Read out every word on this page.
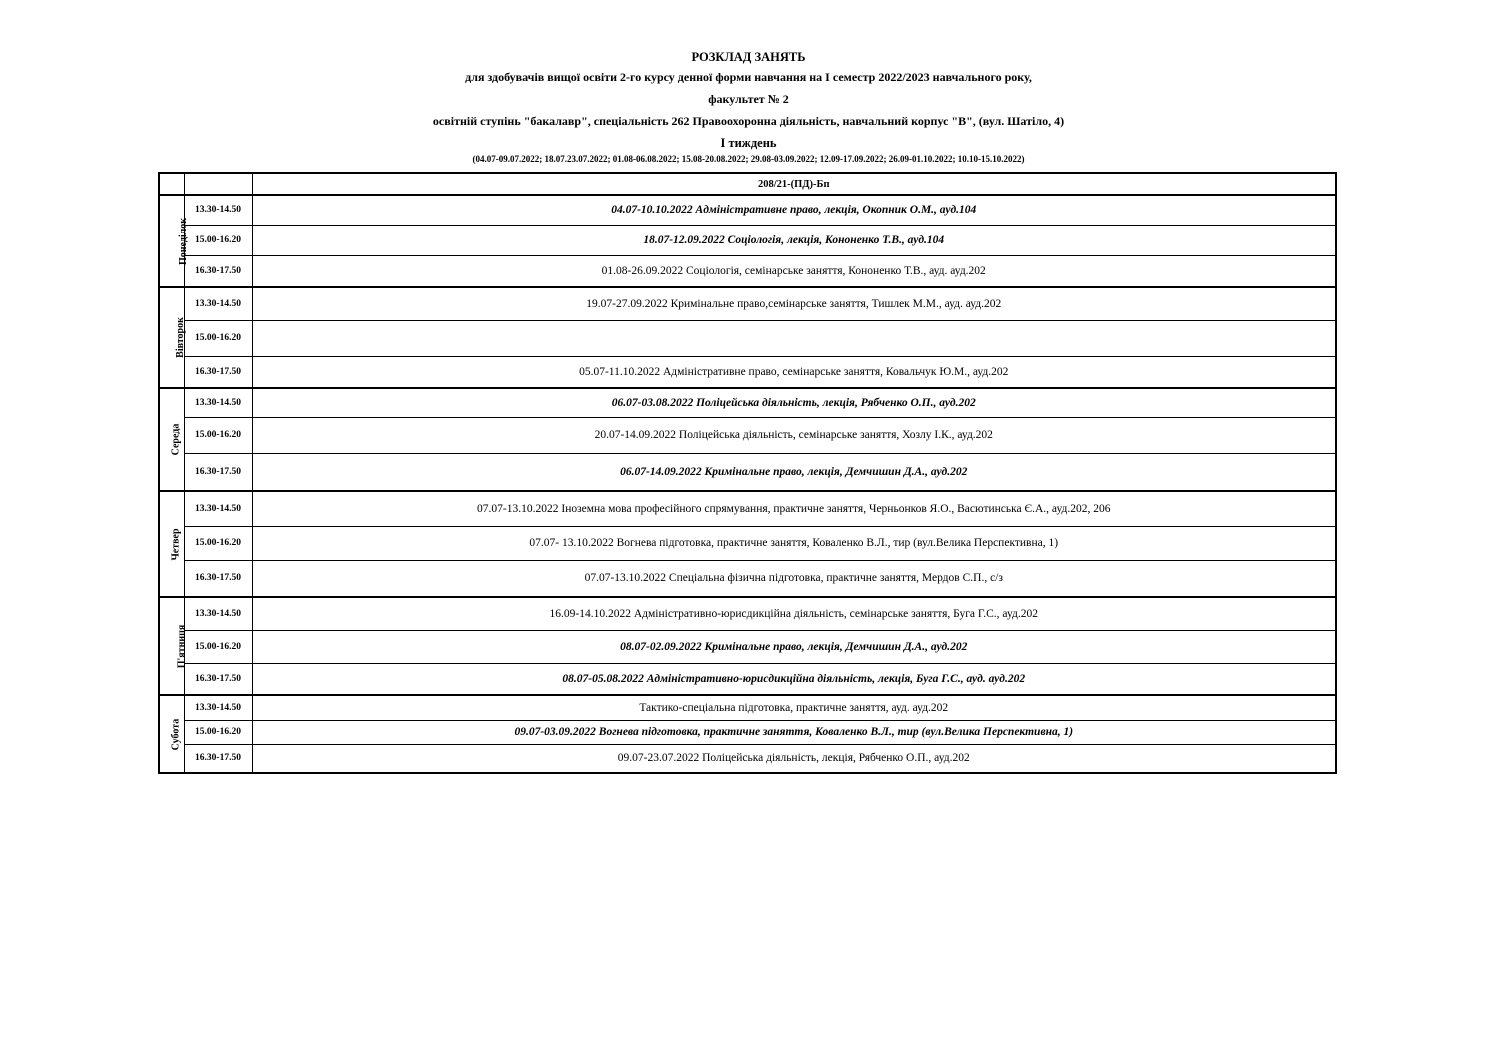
РОЗКЛАД ЗАНЯТЬ
для здобувачів вищої освіти 2-го курсу денної форми навчання на І семестр 2022/2023 навчального року,
факультет № 2
освітній ступінь "бакалавр", спеціальність 262 Правоохоронна діяльність, навчальний корпус "В", (вул. Шатіло, 4)
І тиждень
(04.07-09.07.2022; 18.07.23.07.2022; 01.08-06.08.2022; 15.08-20.08.2022; 29.08-03.09.2022; 12.09-17.09.2022; 26.09-01.10.2022; 10.10-15.10.2022)
		208/21-(ПД)-Бп
Понеділок	13.30-14.50	04.07-10.10.2022 Адміністративне право, лекція, Окопник О.М., ауд.104
	15.00-16.20	18.07-12.09.2022 Соціологія, лекція, Кононенко Т.В., ауд.104
	16.30-17.50	01.08-26.09.2022 Соціологія, семінарське заняття, Кононенко Т.В., ауд. ауд.202
Вівторок	13.30-14.50	19.07-27.09.2022 Кримінальне право,семінарське заняття, Тишлек М.М., ауд. ауд.202
	15.00-16.20	
	16.30-17.50	05.07-11.10.2022 Адміністративне право, семінарське заняття, Ковальчук Ю.М., ауд.202
Середа	13.30-14.50	06.07-03.08.2022 Поліцейська діяльність, лекція, Рябченко О.П., ауд.202
	15.00-16.20	20.07-14.09.2022 Поліцейська діяльність, семінарське заняття, Хозлу І.К., ауд.202
	16.30-17.50	06.07-14.09.2022 Кримінальне право, лекція, Демчишин Д.А., ауд.202
Четвер	13.30-14.50	07.07-13.10.2022 Іноземна мова професійного спрямування, практичне заняття, Черньонков Я.О., Васютинська Є.А., ауд.202, 206
	15.00-16.20	07.07- 13.10.2022 Вогнева підготовка, практичне заняття, Коваленко В.Л., тир (вул.Велика Перспективна, 1)
	16.30-17.50	07.07-13.10.2022 Спеціальна фізична підготовка, практичне заняття, Мердов С.П., с/з
П'ятниця	13.30-14.50	16.09-14.10.2022 Адміністративно-юрисдикційна діяльність, семінарське заняття, Буга Г.С., ауд.202
	15.00-16.20	08.07-02.09.2022 Кримінальне право, лекція, Демчишин Д.А., ауд.202
	16.30-17.50	08.07-05.08.2022 Адміністративно-юрисдикційна діяльність, лекція, Буга Г.С., ауд. ауд.202
Субота	13.30-14.50	Тактико-спеціальна підготовка, практичне заняття, ауд. ауд.202
	15.00-16.20	09.07-03.09.2022 Вогнева підготовка, практичне заняття, Коваленко В.Л., тир (вул.Велика Перспективна, 1)
	16.30-17.50	09.07-23.07.2022 Поліцейська діяльність, лекція, Рябченко О.П., ауд.202
